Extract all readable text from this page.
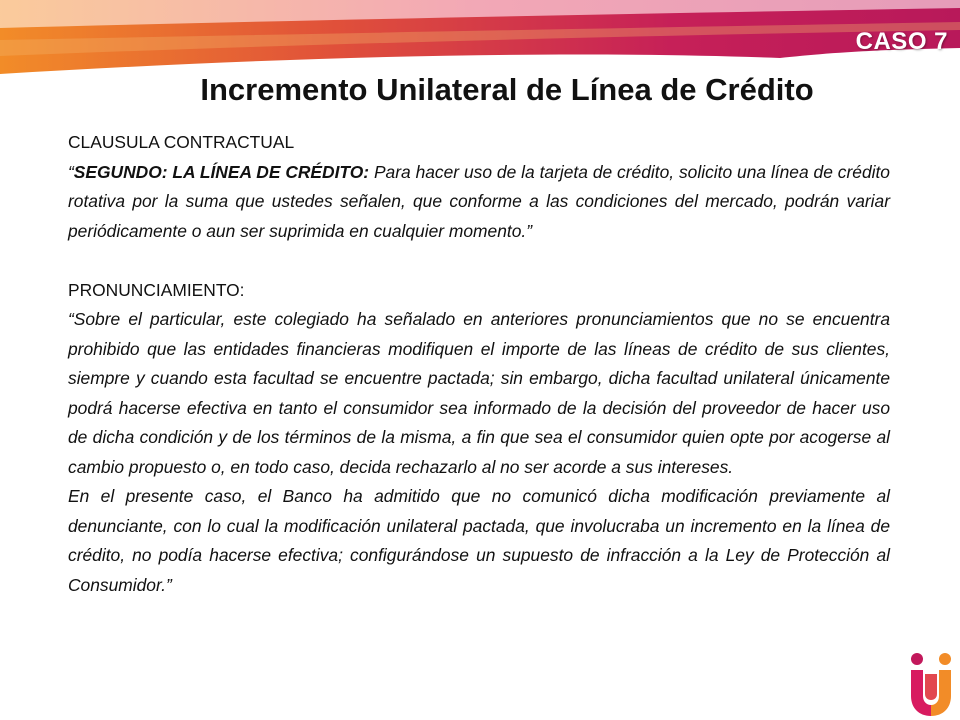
CASO 7
Incremento Unilateral de Línea de Crédito

CLAUSULA CONTRACTUAL

“SEGUNDO: LA LÍNEA DE CRÉDITO: Para hacer uso de la tarjeta de crédito, solicito una línea de crédito rotativa por la suma que ustedes señalen, que conforme a las condiciones del mercado, podrán variar periódicamente o aun ser suprimida en cualquier momento.”

PRONUNCIAMIENTO:

“Sobre el particular, este colegiado ha señalado en anteriores pronunciamientos que no se encuentra prohibido que las entidades financieras modifiquen el importe de las líneas de crédito de sus clientes, siempre y cuando esta facultad se encuentre pactada; sin embargo, dicha facultad unilateral únicamente podrá hacerse efectiva en tanto el consumidor sea informado de la decisión del proveedor de hacer uso de dicha condición y de los términos de la misma, a fin que sea el consumidor quien opte por acogerse al cambio propuesto o, en todo caso, decida rechazarlo al no ser acorde a sus intereses.

En el presente caso, el Banco ha admitido que no comunicó dicha modificación previamente al denunciante, con lo cual la modificación unilateral pactada, que involucraba un incremento en la línea de crédito, no podía hacerse efectiva; configurándose un supuesto de infracción a la Ley de Protección al Consumidor.”
